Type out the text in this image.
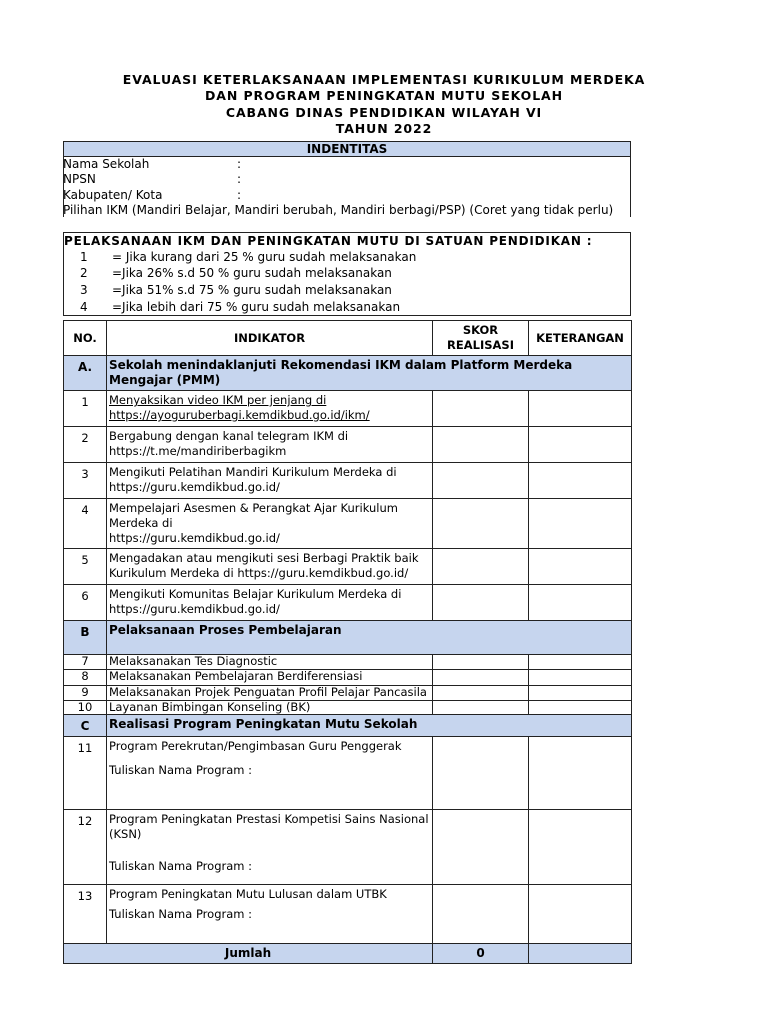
EVALUASI KETERLAKSANAAN IMPLEMENTASI KURIKULUM MERDEKA
DAN PROGRAM PENINGKATAN MUTU SEKOLAH
CABANG DINAS PENDIDIKAN WILAYAH VI
TAHUN 2022
INDENTITAS
Nama Sekolah	:
NPSN	:
Kabupaten/ Kota	:
Pilihan IKM (Mandiri Belajar, Mandiri berubah, Mandiri berbagi/PSP) (Coret yang tidak perlu)
PELAKSANAAN IKM DAN PENINGKATAN MUTU DI SATUAN PENDIDIKAN :
1 = Jika kurang dari 25 % guru sudah melaksanakan
2 =Jika 26% s.d 50 % guru sudah melaksanakan
3 =Jika 51% s.d 75 % guru sudah melaksanakan
4 =Jika lebih dari 75 % guru sudah melaksanakan
NO.	INDIKATOR	SKOR REALISASI	KETERANGAN
A.	Sekolah menindaklanjuti Rekomendasi IKM dalam Platform Merdeka Mengajar (PMM)		
1	Menyaksikan video IKM per jenjang di
https://ayoguruberbagi.kemdikbud.go.id/ikm/		

2	Bergabung dengan kanal telegram IKM di
https://t.me/mandiriberbagikm		

3	Mengikuti Pelatihan Mandiri Kurikulum Merdeka di
https://guru.kemdikbud.go.id/		

4	Mempelajari Asesmen & Perangkat Ajar Kurikulum Merdeka di
https://guru.kemdikbud.go.id/		

5	Mengadakan atau mengikuti sesi Berbagi Praktik baik
Kurikulum Merdeka di https://guru.kemdikbud.go.id/		

6	Mengikuti Komunitas Belajar Kurikulum Merdeka di
https://guru.kemdikbud.go.id/		

B	Pelaksanaan Proses Pembelajaran		
7	Melaksanakan Tes Diagnostic		
8	Melaksanakan Pembelajaran Berdiferensiasi		
9	Melaksanakan Projek Penguatan Profil Pelajar Pancasila		
10	Layanan Bimbingan Konseling (BK)		
C	Realisasi Program Peningkatan Mutu Sekolah		
11	Program Perekrutan/Pengimbasan Guru Penggerak
Tuliskan Nama Program :		

12	Program Peningkatan Prestasi Kompetisi Sains Nasional (KSN)
Tuliskan Nama Program :		

13	Program Peningkatan Mutu Lulusan dalam UTBK
Tuliskan Nama Program :		

Jumlah		0	
